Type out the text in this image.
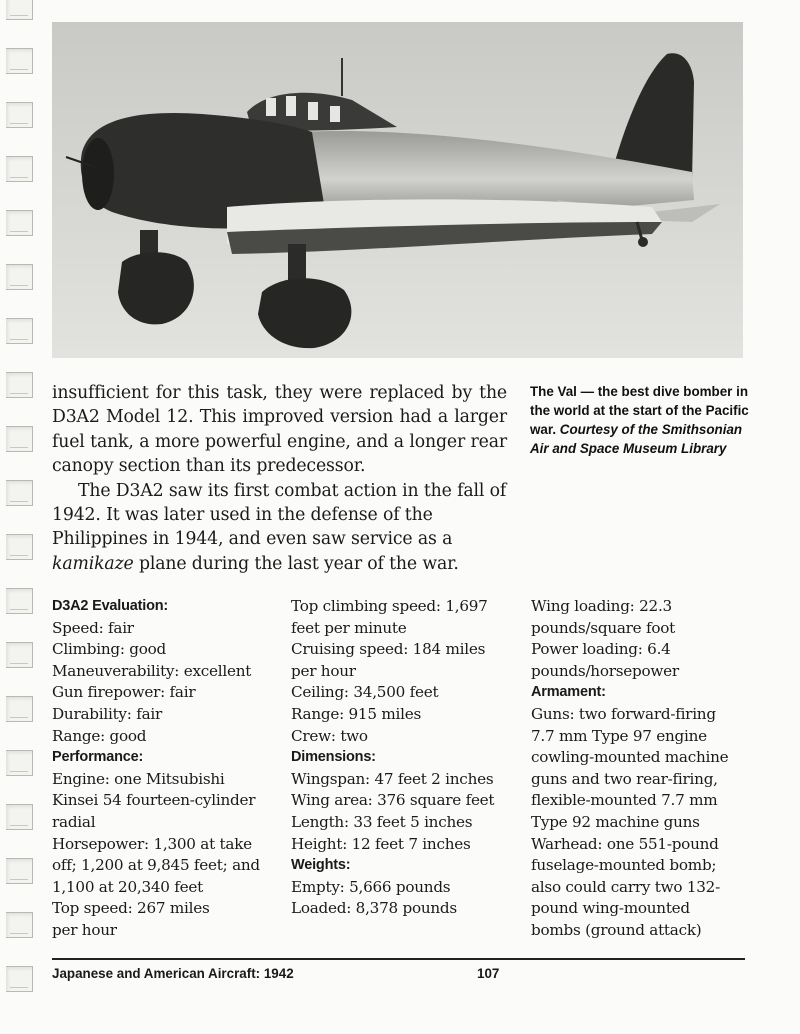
The Val — the best dive bomber in the world at the start of the Pacific war. Courtesy of the Smithsonian Air and Space Museum Library

insufficient for this task, they were replaced by the D3A2 Model 12. This improved version had a larger fuel tank, a more powerful engine, and a longer rear canopy section than its predecessor.

The D3A2 saw its first combat action in the fall of 1942. It was later used in the defense of the Philippines in 1944, and even saw service as a kamikaze plane during the last year of the war.

D3A2 Evaluation:
Speed: fair
Climbing: good
Maneuverability: excellent
Gun firepower: fair
Durability: fair
Range: good
Performance:
Engine: one Mitsubishi
Kinsei 54 fourteen-cylinder
radial
Horsepower: 1,300 at take
off; 1,200 at 9,845 feet; and
1,100 at 20,340 feet
Top speed: 267 miles
per hour
Top climbing speed: 1,697
feet per minute
Cruising speed: 184 miles
per hour
Ceiling: 34,500 feet
Range: 915 miles
Crew: two
Dimensions:
Wingspan: 47 feet 2 inches
Wing area: 376 square feet
Length: 33 feet 5 inches
Height: 12 feet 7 inches
Weights:
Empty: 5,666 pounds
Loaded: 8,378 pounds
Wing loading: 22.3
pounds/square foot
Power loading: 6.4
pounds/horsepower
Armament:
Guns: two forward-firing
7.7 mm Type 97 engine
cowling-mounted machine
guns and two rear-firing,
flexible-mounted 7.7 mm
Type 92 machine guns
Warhead: one 551-pound
fuselage-mounted bomb;
also could carry two 132-
pound wing-mounted
bombs (ground attack)
Japanese and American Aircraft: 1942	107
